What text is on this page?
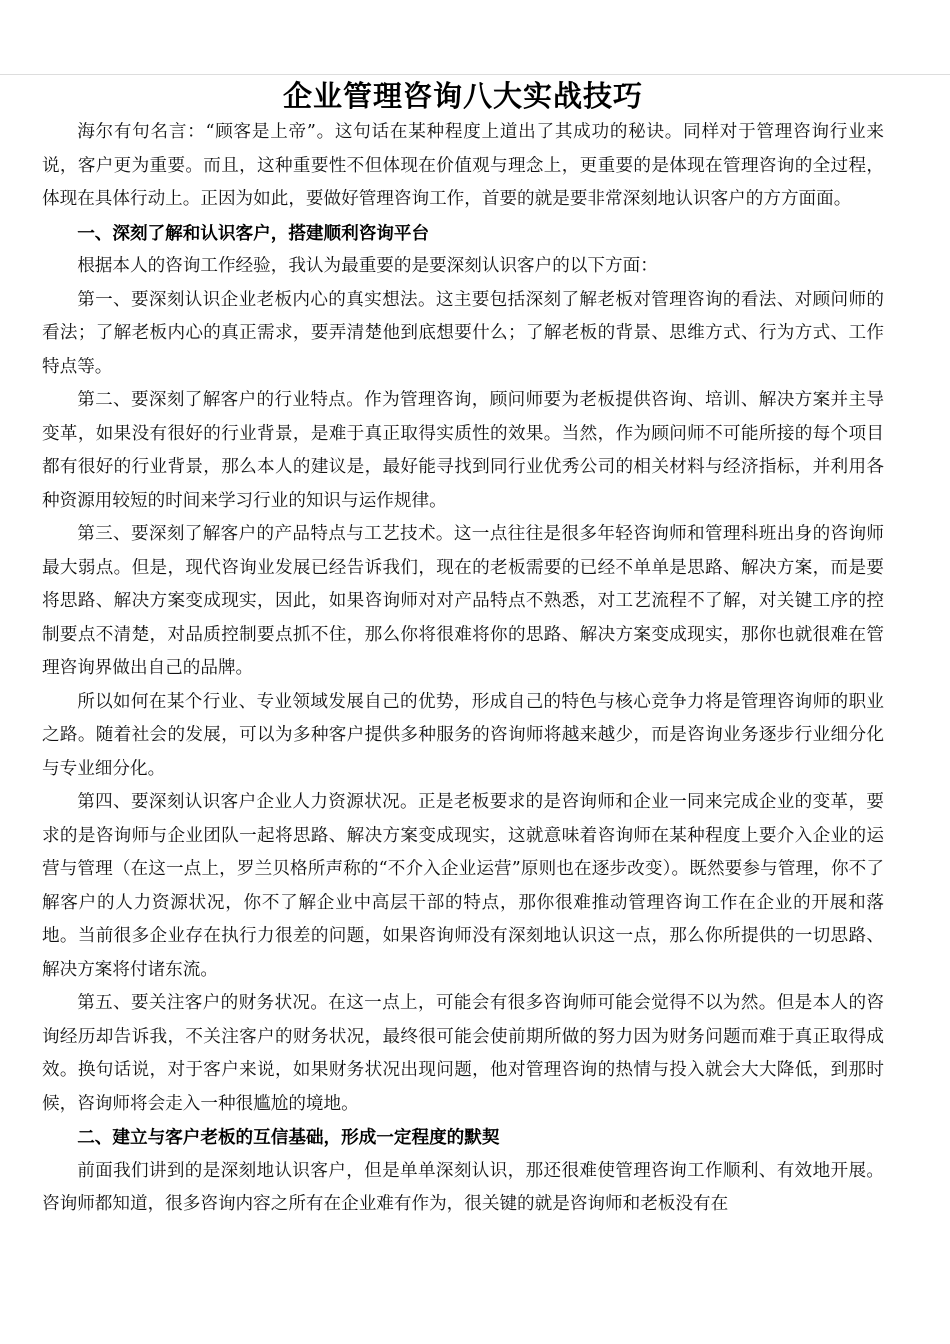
企业管理咨询八大实战技巧

海尔有句名言：“顾客是上帝”。这句话在某种程度上道出了其成功的秘诀。同样对于管理咨询行业来说，客户更为重要。而且，这种重要性不但体现在价值观与理念上，更重要的是体现在管理咨询的全过程，体现在具体行动上。正因为如此，要做好管理咨询工作，首要的就是要非常深刻地认识客户的方方面面。

一、深刻了解和认识客户，搭建顺利咨询平台

根据本人的咨询工作经验，我认为最重要的是要深刻认识客户的以下方面：

第一、要深刻认识企业老板内心的真实想法。这主要包括深刻了解老板对管理咨询的看法、对顾问师的看法；了解老板内心的真正需求，要弄清楚他到底想要什么；了解老板的背景、思维方式、行为方式、工作特点等。

第二、要深刻了解客户的行业特点。作为管理咨询，顾问师要为老板提供咨询、培训、解决方案并主导变革，如果没有很好的行业背景，是难于真正取得实质性的效果。当然，作为顾问师不可能所接的每个项目都有很好的行业背景，那么本人的建议是，最好能寻找到同行业优秀公司的相关材料与经济指标，并利用各种资源用较短的时间来学习行业的知识与运作规律。

第三、要深刻了解客户的产品特点与工艺技术。这一点往往是很多年轻咨询师和管理科班出身的咨询师最大弱点。但是，现代咨询业发展已经告诉我们，现在的老板需要的已经不单单是思路、解决方案，而是要将思路、解决方案变成现实，因此，如果咨询师对对产品特点不熟悉，对工艺流程不了解，对关键工序的控制要点不清楚，对品质控制要点抓不住，那么你将很难将你的思路、解决方案变成现实，那你也就很难在管理咨询界做出自己的品牌。

所以如何在某个行业、专业领域发展自己的优势，形成自己的特色与核心竞争力将是管理咨询师的职业之路。随着社会的发展，可以为多种客户提供多种服务的咨询师将越来越少，而是咨询业务逐步行业细分化与专业细分化。

第四、要深刻认识客户企业人力资源状况。正是老板要求的是咨询师和企业一同来完成企业的变革，要求的是咨询师与企业团队一起将思路、解决方案变成现实，这就意味着咨询师在某种程度上要介入企业的运营与管理（在这一点上，罗兰贝格所声称的“不介入企业运营”原则也在逐步改变）。既然要参与管理，你不了解客户的人力资源状况，你不了解企业中高层干部的特点，那你很难推动管理咨询工作在企业的开展和落地。当前很多企业存在执行力很差的问题，如果咨询师没有深刻地认识这一点，那么你所提供的一切思路、解决方案将付诸东流。

第五、要关注客户的财务状况。在这一点上，可能会有很多咨询师可能会觉得不以为然。但是本人的咨询经历却告诉我，不关注客户的财务状况，最终很可能会使前期所做的努力因为财务问题而难于真正取得成效。换句话说，对于客户来说，如果财务状况出现问题，他对管理咨询的热情与投入就会大大降低，到那时候，咨询师将会走入一种很尴尬的境地。

二、建立与客户老板的互信基础，形成一定程度的默契

前面我们讲到的是深刻地认识客户，但是单单深刻认识，那还很难使管理咨询工作顺利、有效地开展。咨询师都知道，很多咨询内容之所有在企业难有作为，很关键的就是咨询师和老板没有在
